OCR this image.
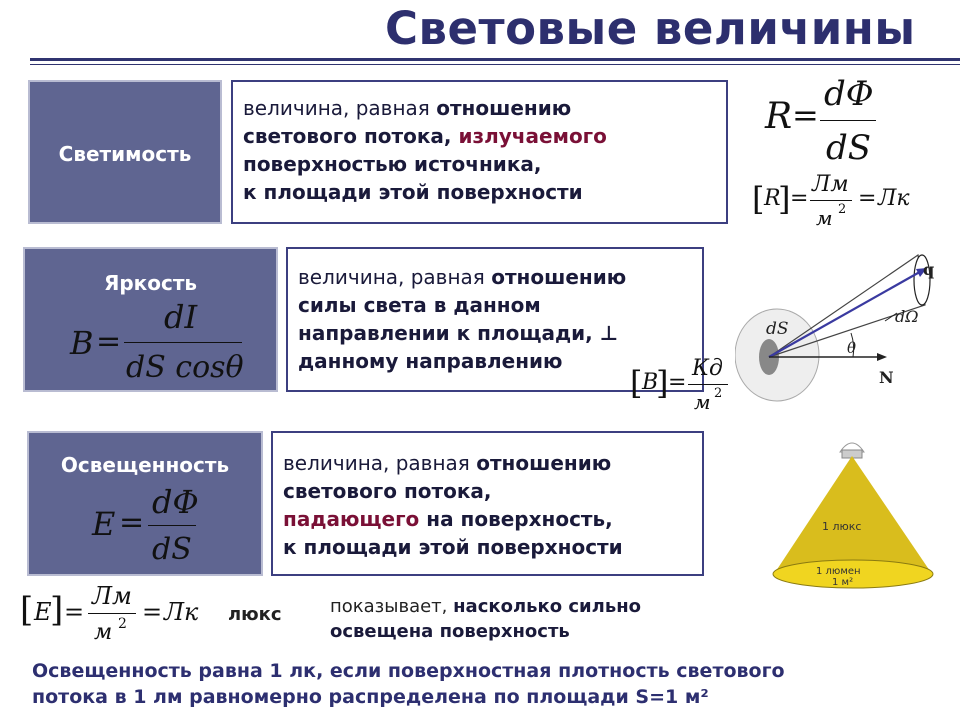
Световые величины
Светимость
величина, равная отношению
светового потока, излучаемого
поверхностью источника,
к площади этой поверхности
R =
dΦ
dS
[ R
] =
Лм
м 2 = Лк
Яркость
B =
dI
dS cosθ
величина, равная отношению
силы света в данном
направлении к площади, ⊥
данному направлению
[ B
] =
Кд
м 2
dS
q
dΩ
θ
N
Освещенность
E =
dΦ
dS
величина, равная отношению
светового потока,
падающего на поверхность,
к площади этой поверхности
1 люкс
1 люмен
1 м²
[ E
] =
Лм
м 2 = Лк люкс	показывает, насколько сильно
освещена поверхность
Освещенность равна 1 лк, если поверхностная плотность светового
потока в 1 лм равномерно распределена по площади S=1 м²
